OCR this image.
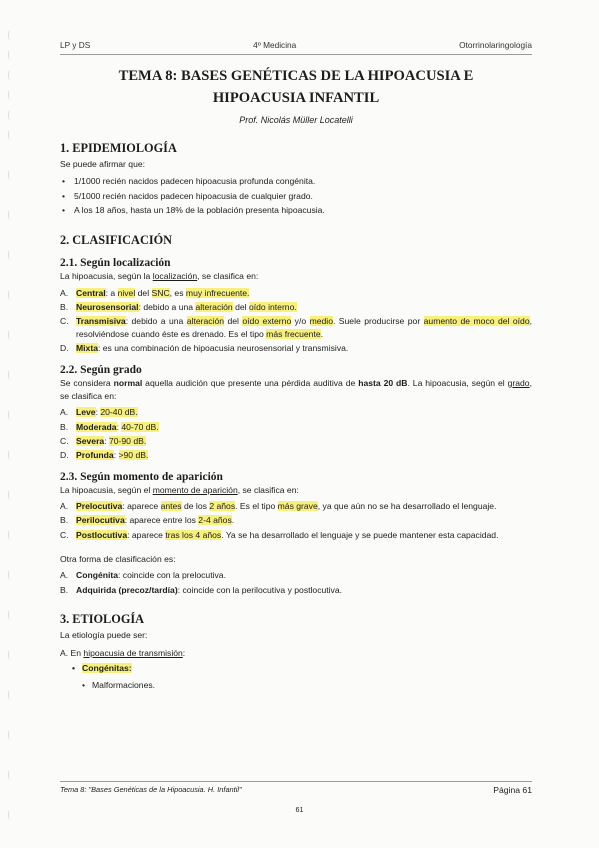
LP y DS	4º Medicina	Otorrinolaringología
TEMA 8: BASES GENÉTICAS DE LA HIPOACUSIA E
HIPOACUSIA INFANTIL
Prof. Nicolás Müller Locatelli
1. EPIDEMIOLOGÍA

Se puede afirmar que:

• 1/1000 recién nacidos padecen hipoacusia profunda congénita.
• 5/1000 recién nacidos padecen hipoacusia de cualquier grado.
• A los 18 años, hasta un 18% de la población presenta hipoacusia.
2. CLASIFICACIÓN
2.1. Según localización

La hipoacusia, según la localización, se clasifica en:

A. Central: a nivel del SNC, es muy infrecuente.
B. Neurosensorial: debido a una alteración del oído interno.
C. Transmisiva: debido a una alteración del oído externo y/o medio. Suele producirse por aumento de moco del oído, resolviéndose cuando éste es drenado. Es el tipo más frecuente.
D. Mixta: es una combinación de hipoacusia neurosensorial y transmisiva.
2.2. Según grado

Se considera normal aquella audición que presente una pérdida auditiva de hasta 20 dB. La hipoacusia, según el grado, se clasifica en:

A. Leve: 20-40 dB.
B. Moderada: 40-70 dB.
C. Severa: 70-90 dB.
D. Profunda: >90 dB.
2.3. Según momento de aparición

La hipoacusia, según el momento de aparición, se clasifica en:

A. Prelocutiva: aparece antes de los 2 años. Es el tipo más grave, ya que aún no se ha desarrollado el lenguaje.
B. Perilocutiva: aparece entre los 2-4 años.
C. Postlocutiva: aparece tras los 4 años. Ya se ha desarrollado el lenguaje y se puede mantener esta capacidad.

Otra forma de clasificación es:

A. Congénita: coincide con la prelocutiva.
B. Adquirida (precoz/tardía): coincide con la perilocutiva y postlocutiva.
3. ETIOLOGÍA

La etiología puede ser:

A. En hipoacusia de transmisión:

• Congénitas:
• Malformaciones.
Tema 8: "Bases Genéticas de la Hipoacusia. H. Infantil"	Página 61
61
